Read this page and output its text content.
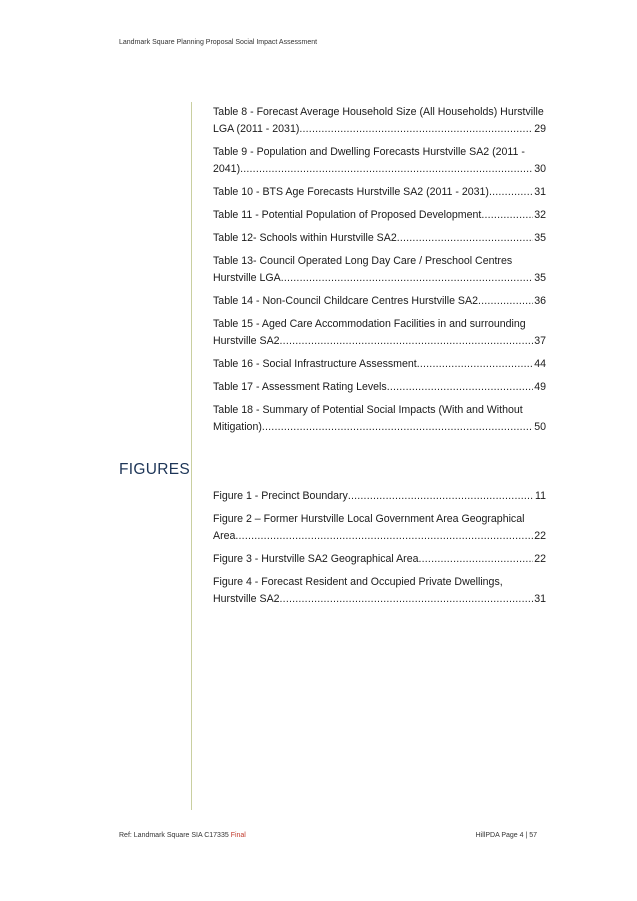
Landmark Square Planning Proposal Social Impact Assessment
Table 8 - Forecast Average Household Size (All Households) Hurstville
LGA (2011 - 2031) .....	29
Table 9 - Population and Dwelling Forecasts Hurstville SA2 (2011 -
2041) .....	30
Table 10 - BTS Age Forecasts Hurstville SA2 (2011 - 2031) .....	31
Table 11 - Potential Population of Proposed Development .....	32
Table 12- Schools within Hurstville SA2 .....	35
Table 13- Council Operated Long Day Care / Preschool Centres
Hurstville LGA .....	35
Table 14 - Non-Council Childcare Centres Hurstville SA2 .....	36
Table 15 - Aged Care Accommodation Facilities in and surrounding
Hurstville SA2 .....	37
Table 16 - Social Infrastructure Assessment .....	44
Table 17 - Assessment Rating Levels .....	49
Table 18 - Summary of Potential Social Impacts (With and Without
Mitigation) .....	50
FIGURES
Figure 1 - Precinct Boundary .....	11
Figure 2 – Former Hurstville Local Government Area Geographical
Area .....	22
Figure 3 - Hurstville SA2 Geographical Area .....	22
Figure 4 - Forecast Resident and Occupied Private Dwellings,
Hurstville SA2 .....	31
Ref: Landmark Square SIA C17335 Final	HillPDA Page 4 | 57
